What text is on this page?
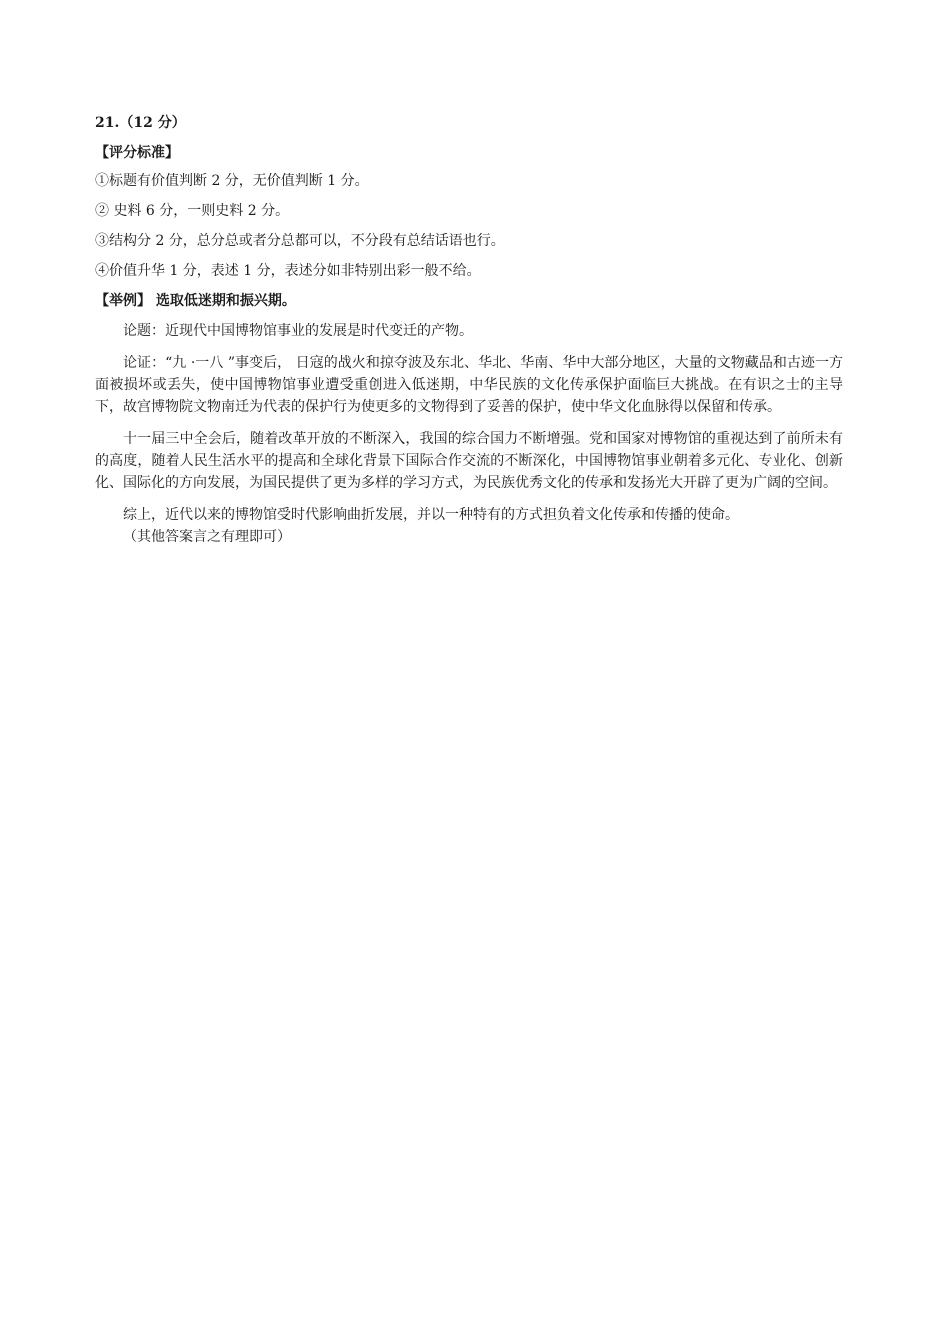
21.（12 分）
【评分标准】
①标题有价值判断 2 分，无价值判断 1 分。
② 史料 6 分，一则史料 2 分。
③结构分 2 分，总分总或者分总都可以，不分段有总结话语也行。
④价值升华 1 分，表述 1 分，表述分如非特别出彩一般不给。
【举例】 选取低迷期和振兴期。

论题：近现代中国博物馆事业的发展是时代变迁的产物。

论证：“九 ·一八 ”事变后， 日寇的战火和掠夺波及东北、华北、华南、华中大部分地区，大量的文物藏品和古迹一方面被损坏或丢失，使中国博物馆事业遭受重创进入低迷期，中华民族的文化传承保护面临巨大挑战。在有识之士的主导下，故宫博物院文物南迁为代表的保护行为使更多的文物得到了妥善的保护，使中华文化血脉得以保留和传承。

十一届三中全会后，随着改革开放的不断深入，我国的综合国力不断增强。党和国家对博物馆的重视达到了前所未有的高度，随着人民生活水平的提高和全球化背景下国际合作交流的不断深化，中国博物馆事业朝着多元化、专业化、创新化、国际化的方向发展，为国民提供了更为多样的学习方式，为民族优秀文化的传承和发扬光大开辟了更为广阔的空间。

综上，近代以来的博物馆受时代影响曲折发展，并以一种特有的方式担负着文化传承和传播的使命。

（其他答案言之有理即可）
